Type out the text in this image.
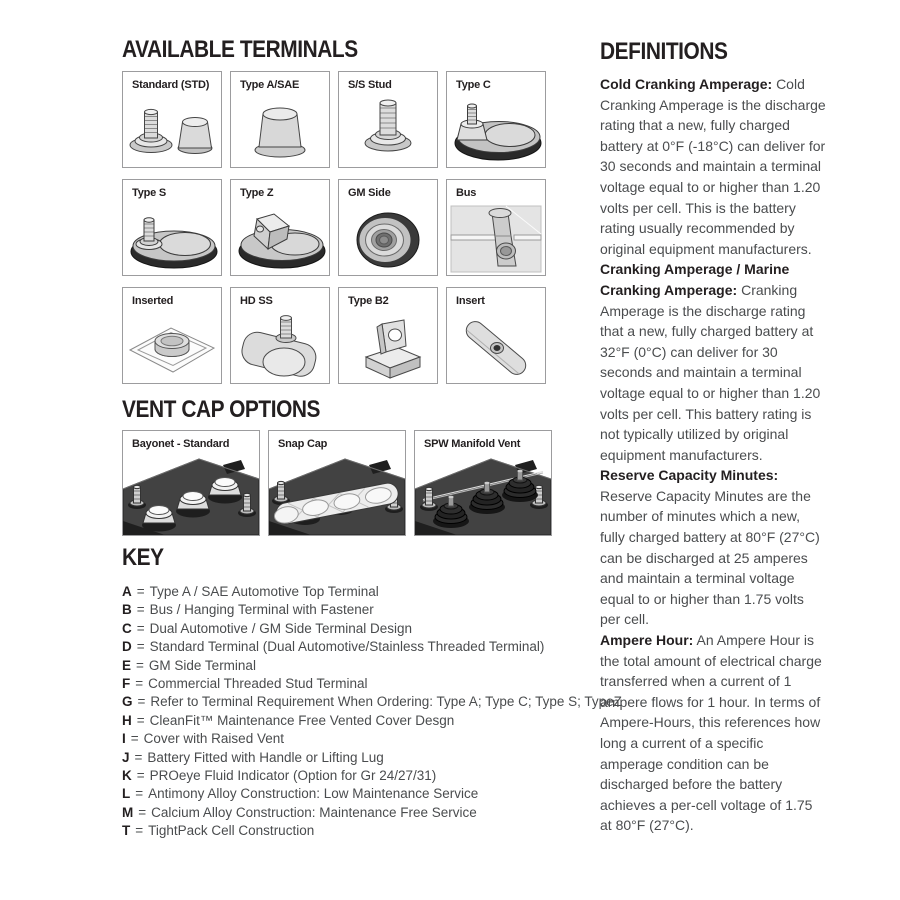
AVAILABLE TERMINALS
Standard (STD)	Type A/SAE	S/S Stud	Type C
Type S	Type Z	GM Side	Bus
Inserted	HD SS	Type B2	Insert
VENT CAP OPTIONS
Bayonet - Standard	Snap Cap	SPW Manifold Vent
KEY
A = Type A / SAE Automotive Top Terminal
B = Bus / Hanging Terminal with Fastener
C = Dual Automotive / GM Side Terminal Design
D = Standard Terminal (Dual Automotive/Stainless Threaded Terminal)
E = GM Side Terminal
F = Commercial Threaded Stud Terminal
G = Refer to Terminal Requirement When Ordering: Type A; Type C; Type S; TypeZ
H = CleanFit™ Maintenance Free Vented Cover Desgn
I = Cover with Raised Vent
J = Battery Fitted with Handle or Lifting Lug
K = PROeye Fluid Indicator (Option for Gr 24/27/31)
L = Antimony Alloy Construction: Low Maintenance Service
M = Calcium Alloy Construction: Maintenance Free Service
T = TightPack Cell Construction
DEFINITIONS

Cold Cranking Amperage: Cold Cranking Amperage is the discharge rating that a new, fully charged battery at 0°F (-18°C) can deliver for 30 seconds and maintain a terminal voltage equal to or higher than 1.20 volts per cell. This is the battery rating usually recommended by original equipment manufacturers.

Cranking Amperage / Marine Cranking Amperage: Cranking Amperage is the discharge rating that a new, fully charged battery at 32°F (0°C) can deliver for 30 seconds and maintain a terminal voltage equal to or higher than 1.20 volts per cell. This battery rating is not typically utilized by original equipment manufacturers.

Reserve Capacity Minutes:
Reserve Capacity Minutes are the number of minutes which a new, fully charged battery at 80°F (27°C) can be discharged at 25 amperes and maintain a terminal voltage equal to or higher than 1.75 volts per cell.

Ampere Hour: An Ampere Hour is the total amount of electrical charge transferred when a current of 1 ampere flows for 1 hour. In terms of Ampere-Hours, this references how long a current of a specific amperage condition can be discharged before the battery achieves a per-cell voltage of 1.75 at 80°F (27°C).
